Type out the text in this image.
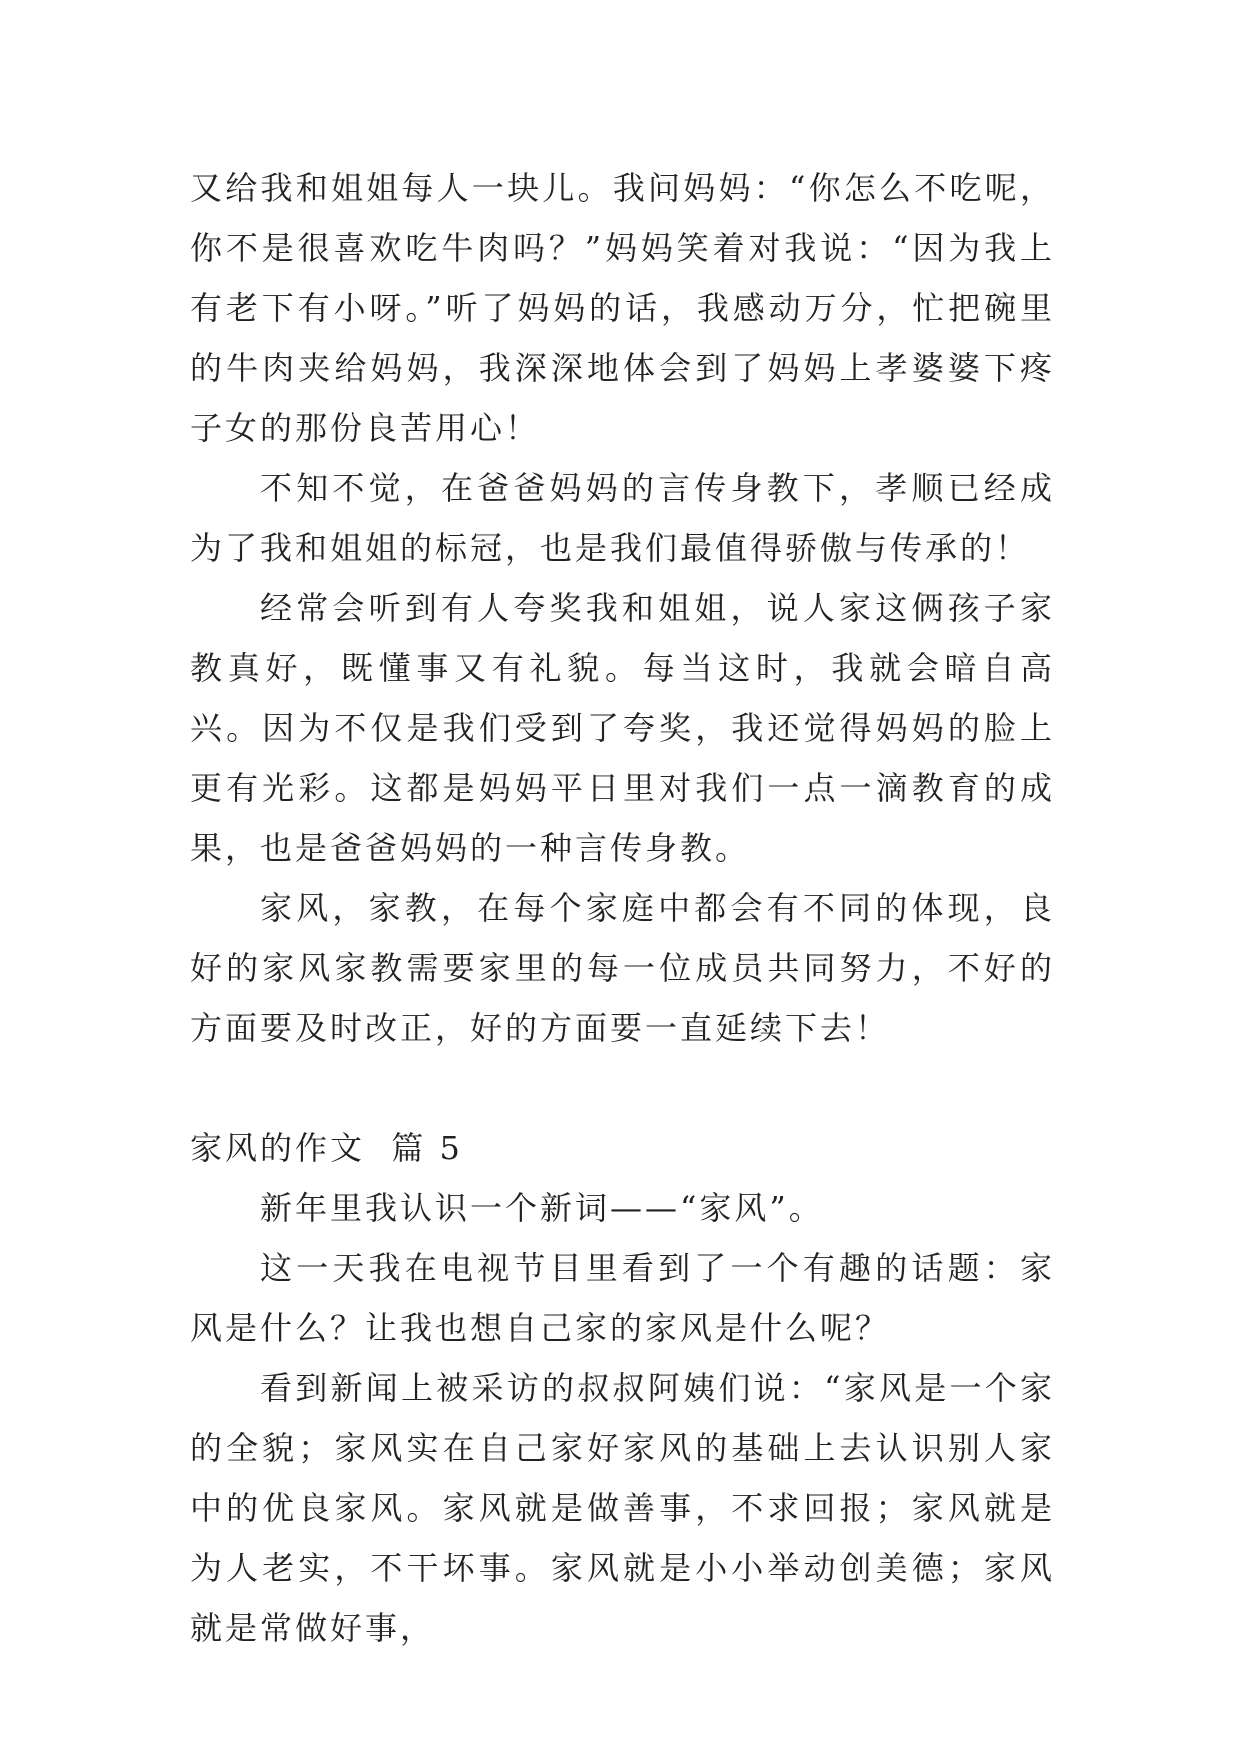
又给我和姐姐每人一块儿。我问妈妈：“你怎么不吃呢，你不是很喜欢吃牛肉吗？”妈妈笑着对我说：“因为我上有老下有小呀。”听了妈妈的话，我感动万分，忙把碗里的牛肉夹给妈妈，我深深地体会到了妈妈上孝婆婆下疼子女的那份良苦用心！

不知不觉，在爸爸妈妈的言传身教下，孝顺已经成为了我和姐姐的标冠，也是我们最值得骄傲与传承的！

经常会听到有人夸奖我和姐姐，说人家这俩孩子家教真好，既懂事又有礼貌。每当这时，我就会暗自高兴。因为不仅是我们受到了夸奖，我还觉得妈妈的脸上更有光彩。这都是妈妈平日里对我们一点一滴教育的成果，也是爸爸妈妈的一种言传身教。

家风，家教，在每个家庭中都会有不同的体现，良好的家风家教需要家里的每一位成员共同努力，不好的方面要及时改正，好的方面要一直延续下去！

家风的作文  篇 5

新年里我认识一个新词——“家风”。

这一天我在电视节目里看到了一个有趣的话题：家风是什么？让我也想自己家的家风是什么呢？

看到新闻上被采访的叔叔阿姨们说：“家风是一个家的全貌；家风实在自己家好家风的基础上去认识别人家中的优良家风。家风就是做善事，不求回报；家风就是为人老实，不干坏事。家风就是小小举动创美德；家风就是常做好事，
